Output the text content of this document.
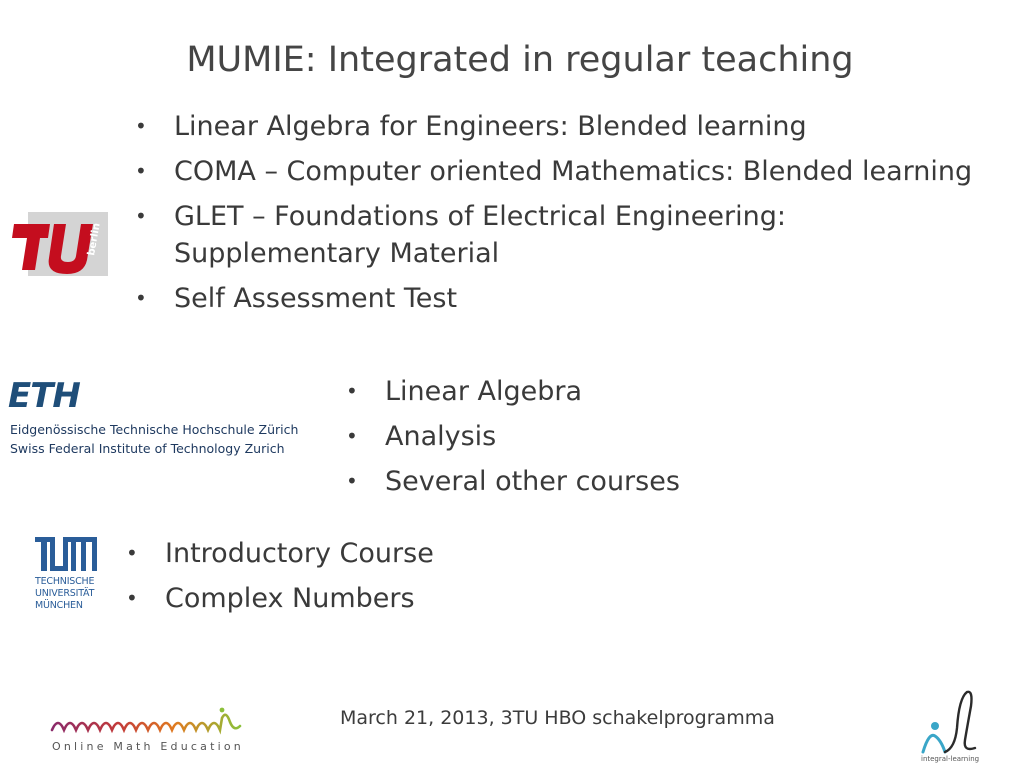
MUMIE: Integrated in regular teaching
berlin
• Linear Algebra for Engineers: Blended learning
• COMA – Computer oriented Mathematics: Blended learning
• GLET – Foundations of Electrical Engineering:
Supplementary Material
• Self Assessment Test
ETH
Eidgenössische Technische Hochschule Zürich
Swiss Federal Institute of Technology Zurich
• Linear Algebra
• Analysis
• Several other courses
TECHNISCHE
UNIVERSITÄT
MÜNCHEN
• Introductory Course
• Complex Numbers
Online Math Education
March 21, 2013, 3TU HBO schakelprogramma
integral-learning
